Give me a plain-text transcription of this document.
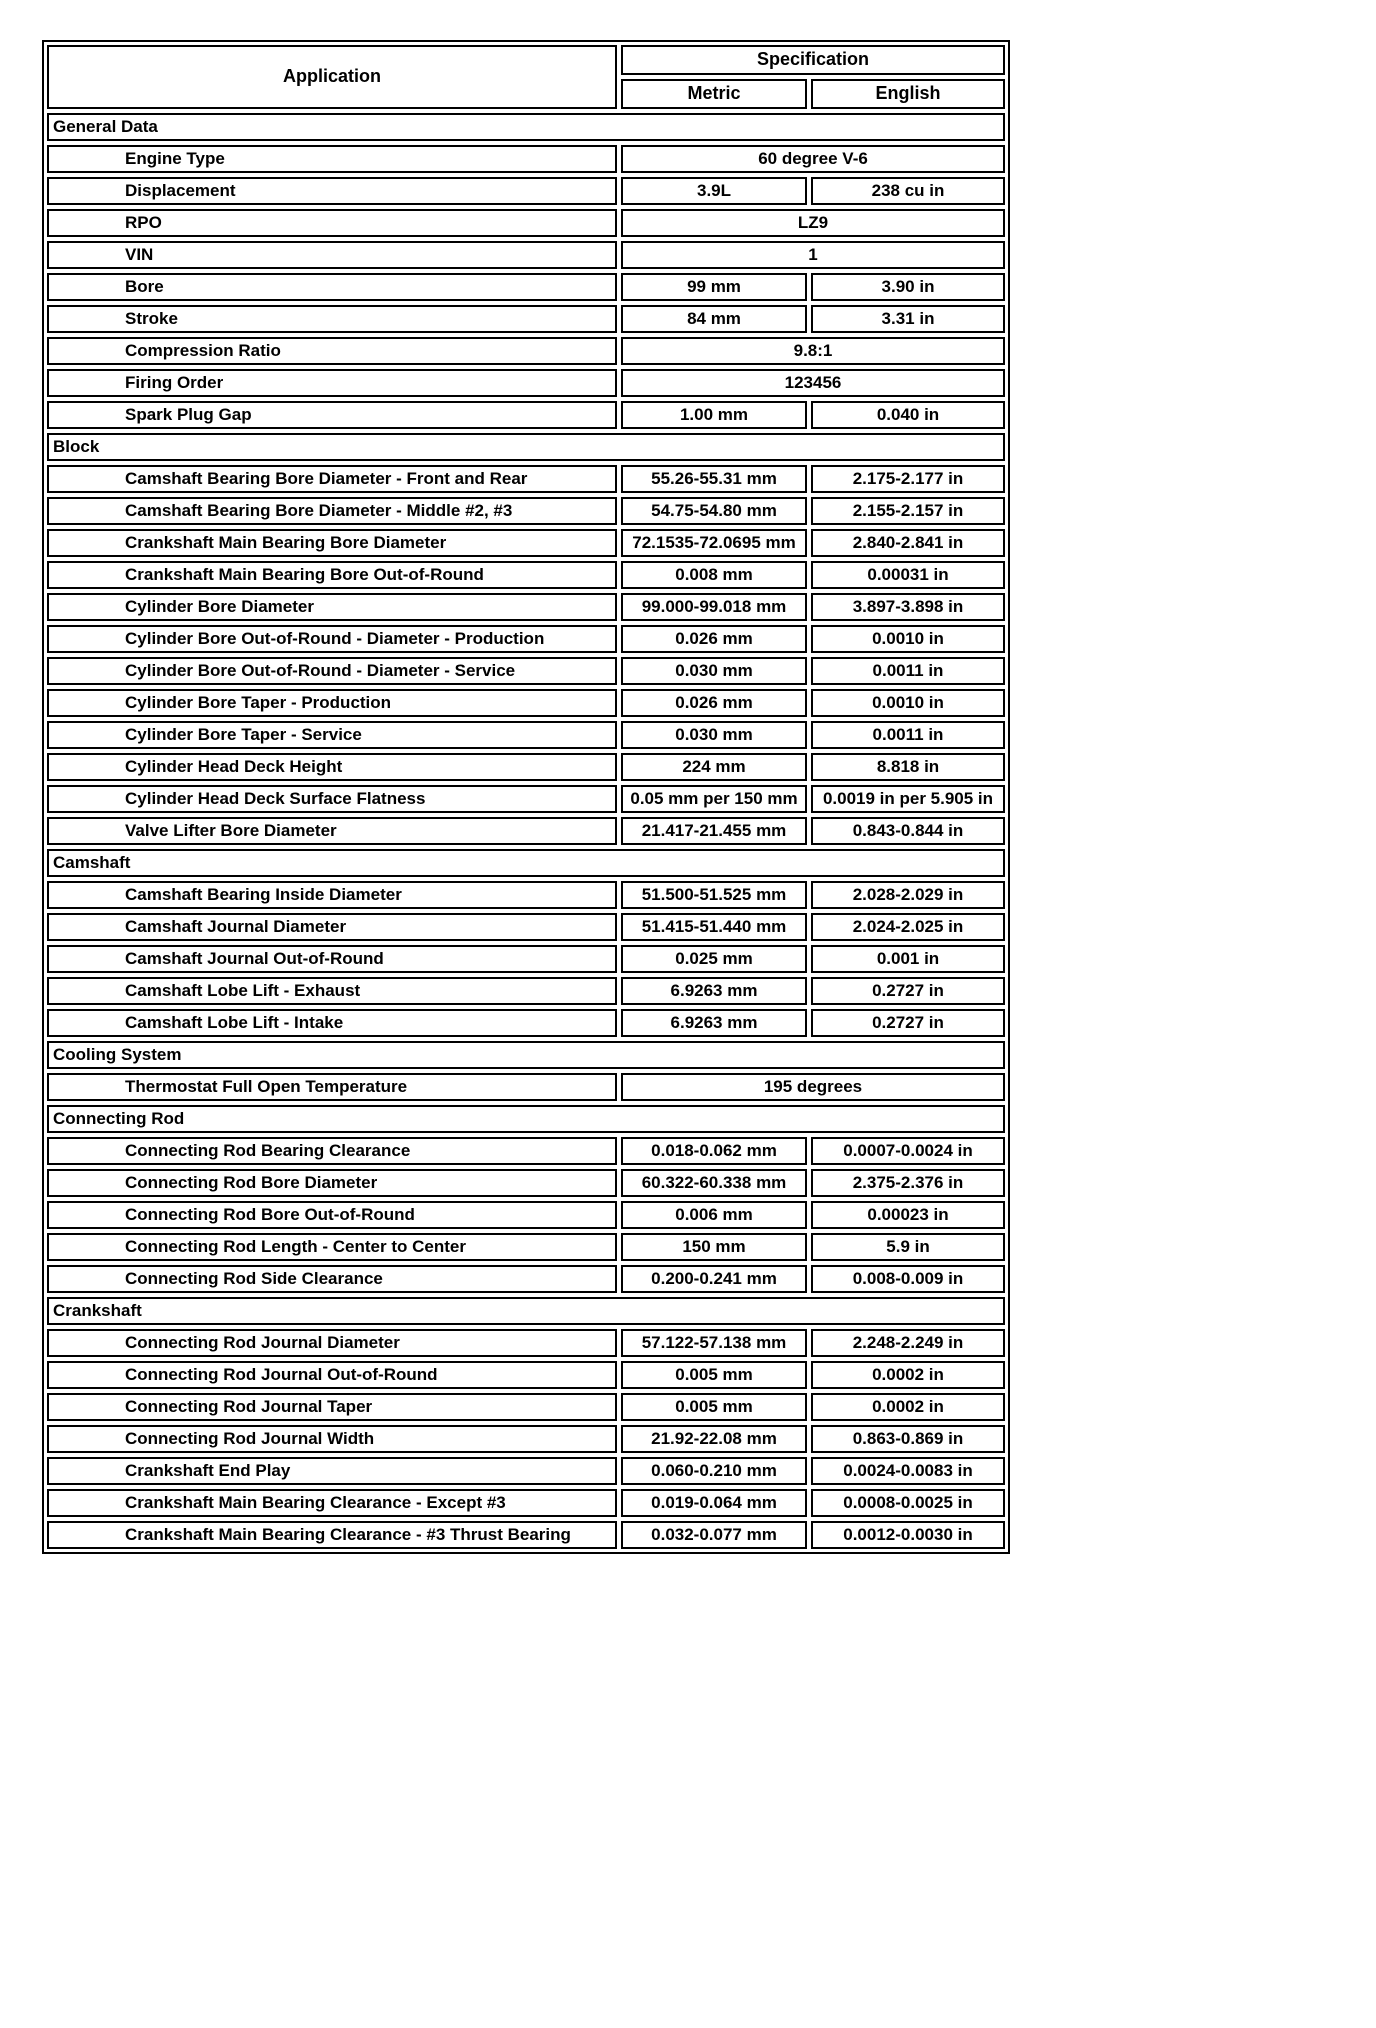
Application
Specification
Metric	English
General Data
Engine Type	60 degree V-6
Displacement	3.9L	238 cu in
RPO	LZ9
VIN	1
Bore	99 mm	3.90 in
Stroke	84 mm	3.31 in
Compression Ratio	9.8:1
Firing Order	123456
Spark Plug Gap	1.00 mm	0.040 in
Block
Camshaft Bearing Bore Diameter - Front and Rear	55.26-55.31 mm	2.175-2.177 in
Camshaft Bearing Bore Diameter - Middle #2, #3	54.75-54.80 mm	2.155-2.157 in
Crankshaft Main Bearing Bore Diameter	72.1535-72.0695 mm	2.840-2.841 in
Crankshaft Main Bearing Bore Out-of-Round	0.008 mm	0.00031 in
Cylinder Bore Diameter	99.000-99.018 mm	3.897-3.898 in
Cylinder Bore Out-of-Round - Diameter - Production	0.026 mm	0.0010 in
Cylinder Bore Out-of-Round - Diameter - Service	0.030 mm	0.0011 in
Cylinder Bore Taper - Production	0.026 mm	0.0010 in
Cylinder Bore Taper - Service	0.030 mm	0.0011 in
Cylinder Head Deck Height	224 mm	8.818 in
Cylinder Head Deck Surface Flatness	0.05 mm per 150 mm	0.0019 in per 5.905 in
Valve Lifter Bore Diameter	21.417-21.455 mm	0.843-0.844 in
Camshaft
Camshaft Bearing Inside Diameter	51.500-51.525 mm	2.028-2.029 in
Camshaft Journal Diameter	51.415-51.440 mm	2.024-2.025 in
Camshaft Journal Out-of-Round	0.025 mm	0.001 in
Camshaft Lobe Lift - Exhaust	6.9263 mm	0.2727 in
Camshaft Lobe Lift - Intake	6.9263 mm	0.2727 in
Cooling System
Thermostat Full Open Temperature	195 degrees
Connecting Rod
Connecting Rod Bearing Clearance	0.018-0.062 mm	0.0007-0.0024 in
Connecting Rod Bore Diameter	60.322-60.338 mm	2.375-2.376 in
Connecting Rod Bore Out-of-Round	0.006 mm	0.00023 in
Connecting Rod Length - Center to Center	150 mm	5.9 in
Connecting Rod Side Clearance	0.200-0.241 mm	0.008-0.009 in
Crankshaft
Connecting Rod Journal Diameter	57.122-57.138 mm	2.248-2.249 in
Connecting Rod Journal Out-of-Round	0.005 mm	0.0002 in
Connecting Rod Journal Taper	0.005 mm	0.0002 in
Connecting Rod Journal Width	21.92-22.08 mm	0.863-0.869 in
Crankshaft End Play	0.060-0.210 mm	0.0024-0.0083 in
Crankshaft Main Bearing Clearance - Except #3	0.019-0.064 mm	0.0008-0.0025 in
Crankshaft Main Bearing Clearance - #3 Thrust Bearing	0.032-0.077 mm	0.0012-0.0030 in
